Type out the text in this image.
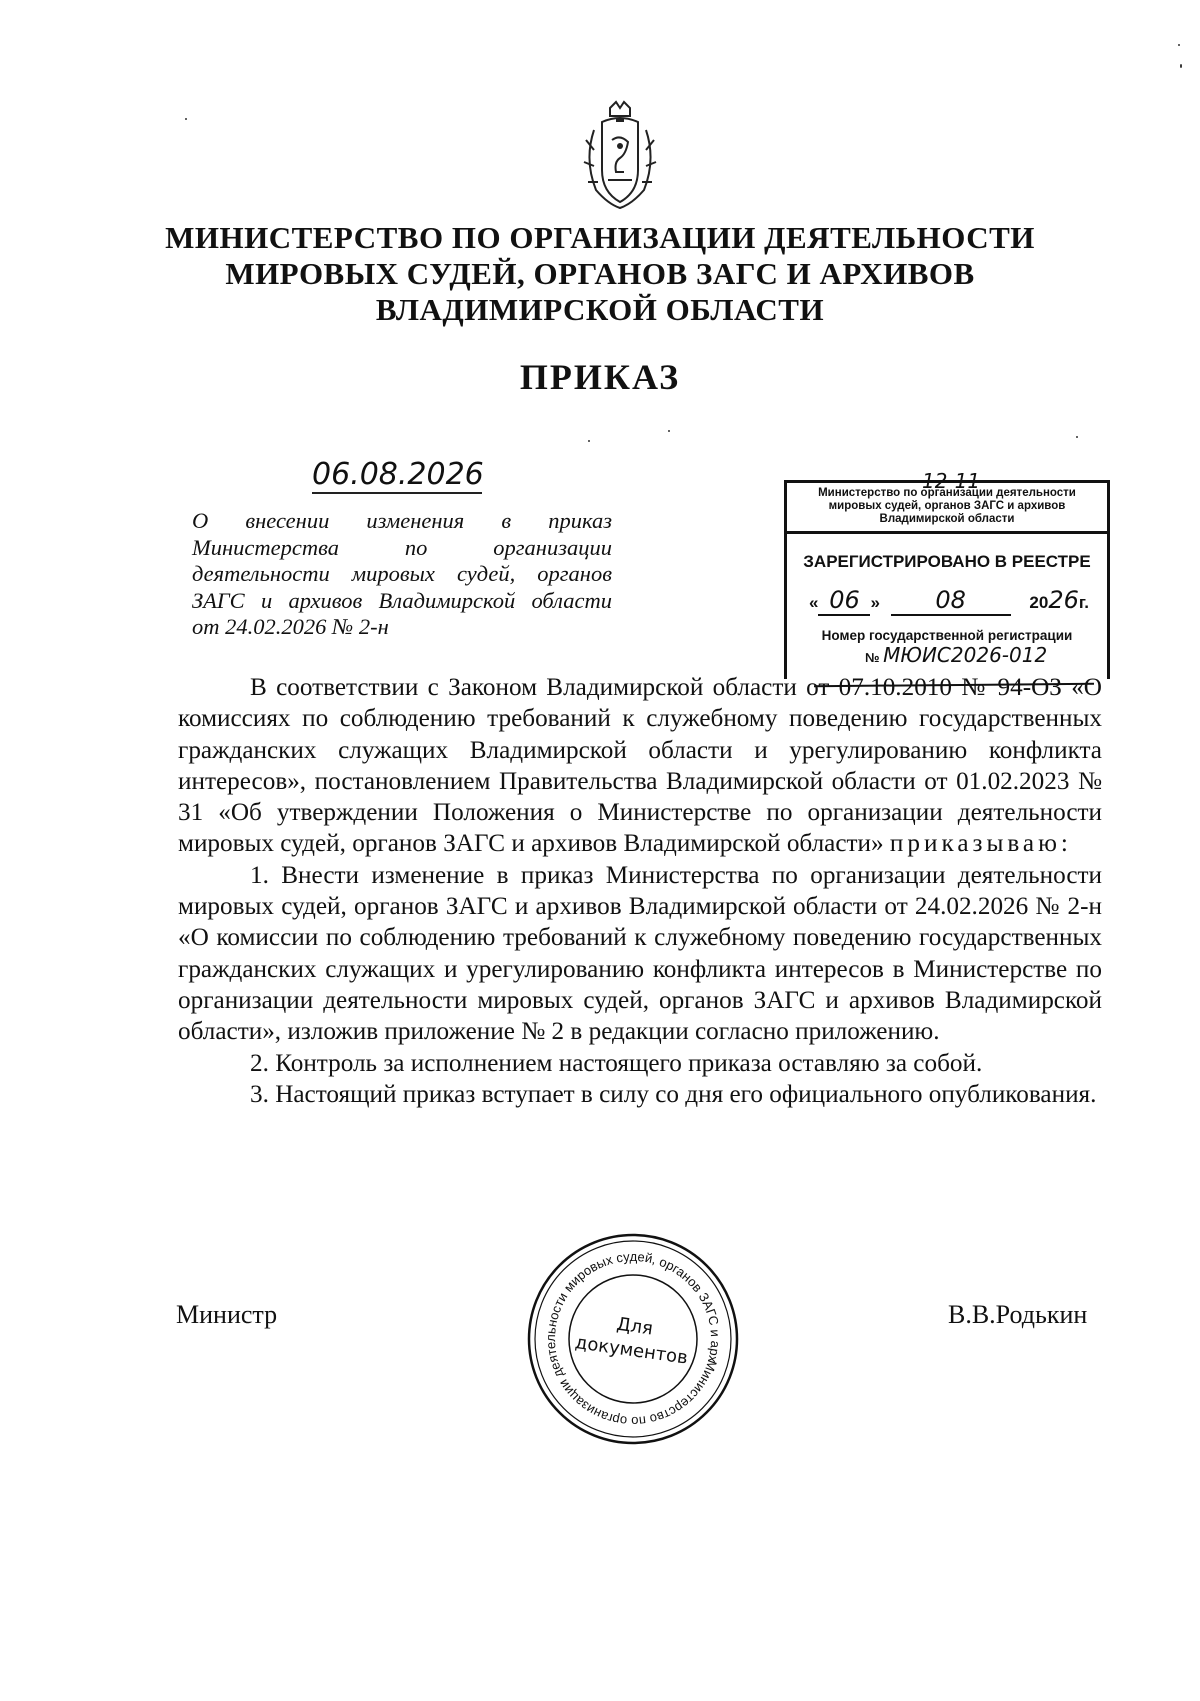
МИНИСТЕРСТВО ПО ОРГАНИЗАЦИИ ДЕЯТЕЛЬНОСТИ
МИРОВЫХ СУДЕЙ, ОРГАНОВ ЗАГС И АРХИВОВ
ВЛАДИМИРСКОЙ ОБЛАСТИ
ПРИКАЗ
06.08.2026
О внесении изменения в приказ
Министерства по организации
деятельности мировых судей, органов
ЗАГС и архивов Владимирской области
от 24.02.2026 № 2-н
12-11
Министерство по организации деятельности
мировых судей, органов ЗАГС и архивов
Владимирской области
ЗАРЕГИСТРИРОВАНО В РЕЕСТРЕ
« 06 » 08	2026г.
Номер государственной регистрации
№ МЮИС2026-012

В соответствии с Законом Владимирской области от 07.10.2010 № 94-ОЗ «О комиссиях по соблюдению требований к служебному поведению государственных гражданских служащих Владимирской области и урегулированию конфликта интересов», постановлением Правительства Владимирской области от 01.02.2023 № 31 «Об утверждении Положения о Министерстве по организации деятельности мировых судей, органов ЗАГС и архивов Владимирской области» приказываю:

1. Внести изменение в приказ Министерства по организации деятельности мировых судей, органов ЗАГС и архивов Владимирской области от 24.02.2026 № 2-н «О комиссии по соблюдению требований к служебному поведению государственных гражданских служащих и урегулированию конфликта интересов в Министерстве по организации деятельности мировых судей, органов ЗАГС и архивов Владимирской области», изложив приложение № 2 в редакции согласно приложению.

2. Контроль за исполнением настоящего приказа оставляю за собой.

3. Настоящий приказ вступает в силу со дня его официального опубликования.

Министерство по организации деятельности мировых судей, органов ЗАГС и архивов
Для
документов
Министр	В.В.Родькин
